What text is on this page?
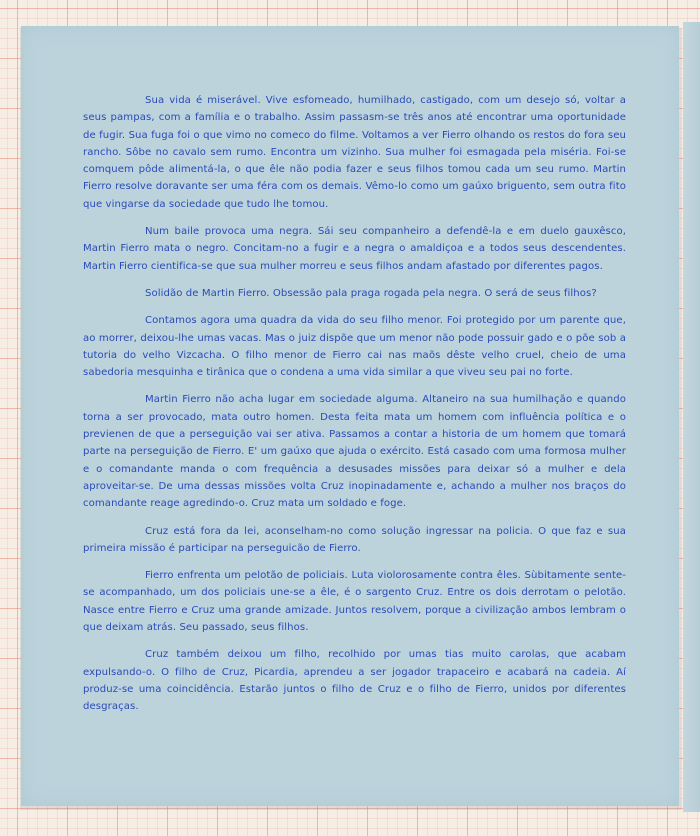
Sua vida é miserável. Vive esfomeado, humilhado, castigado, com um desejo só, voltar a seus pampas, com a família e o trabalho. Assim passasm-se três anos até encontrar uma oportunidade de fugir. Sua fuga foi o que vimo no comeco do filme. Voltamos a ver Fierro olhando os restos do fora seu rancho. Sôbe no cavalo sem rumo. Encontra um vizinho. Sua mulher foi esmagada pela miséria. Foi-se comquem pôde alimentá-la, o que êle não podia fazer e seus filhos tomou cada um seu rumo. Martin Fierro resolve doravante ser uma féra com os demais. Vêmo-lo como um gaúxo briguento, sem outra fito que vingarse da sociedade que tudo lhe tomou.

Num baile provoca uma negra. Sái seu companheiro a defendê-la e em duelo gauxêsco, Martin Fierro mata o negro. Concitam-no a fugir e a negra o amaldiçoa e a todos seus descendentes. Martin Fierro cientifica-se que sua mulher morreu e seus filhos andam afastado por diferentes pagos.

Solidão de Martin Fierro. Obsessão pala praga rogada pela negra. O será de seus filhos?

Contamos agora uma quadra da vida do seu filho menor. Foi protegido por um parente que, ao morrer, deixou-lhe umas vacas. Mas o juiz dispõe que um menor não pode possuir gado e o põe sob a tutoria do velho Vizcacha. O filho menor de Fierro cai nas maõs dêste velho cruel, cheio de uma sabedoria mesquinha e tirânica que o condena a uma vida similar a que viveu seu pai no forte.

Martin Fierro não acha lugar em sociedade alguma. Altaneiro na sua humilhação e quando torna a ser provocado, mata outro homen. Desta feita mata um homem com influência política e o previenen de que a perseguição vai ser ativa. Passamos a contar a historia de um homem que tomará parte na perseguição de Fierro. E' um gaúxo que ajuda o exército. Está casado com uma formosa mulher e o comandante manda o com frequência a desusades missões para deixar só a mulher e dela aproveitar-se. De uma dessas missões volta Cruz inopinadamente e, achando a mulher nos braços do comandante reage agredindo-o. Cruz mata um soldado e foge.

Cruz está fora da lei, aconselham-no como solução ingressar na policia. O que faz e sua primeira missão é participar na perseguicão de Fierro.

Fierro enfrenta um pelotão de policiais. Luta violorosamente contra êles. Sùbitamente sente-se acompanhado, um dos policiais une-se a êle, é o sargento Cruz. Entre os dois derrotam o pelotão. Nasce entre Fierro e Cruz uma grande amizade. Juntos resolvem, porque a civilização ambos lembram o que deixam atrás. Seu passado, seus filhos.

Cruz também deixou um filho, recolhido por umas tias muito carolas, que acabam expulsando-o. O filho de Cruz, Picardia, aprendeu a ser jogador trapaceiro e acabará na cadeia. Aí produz-se uma coincidência. Estarão juntos o filho de Cruz e o filho de Fierro, unidos por diferentes desgraças.
